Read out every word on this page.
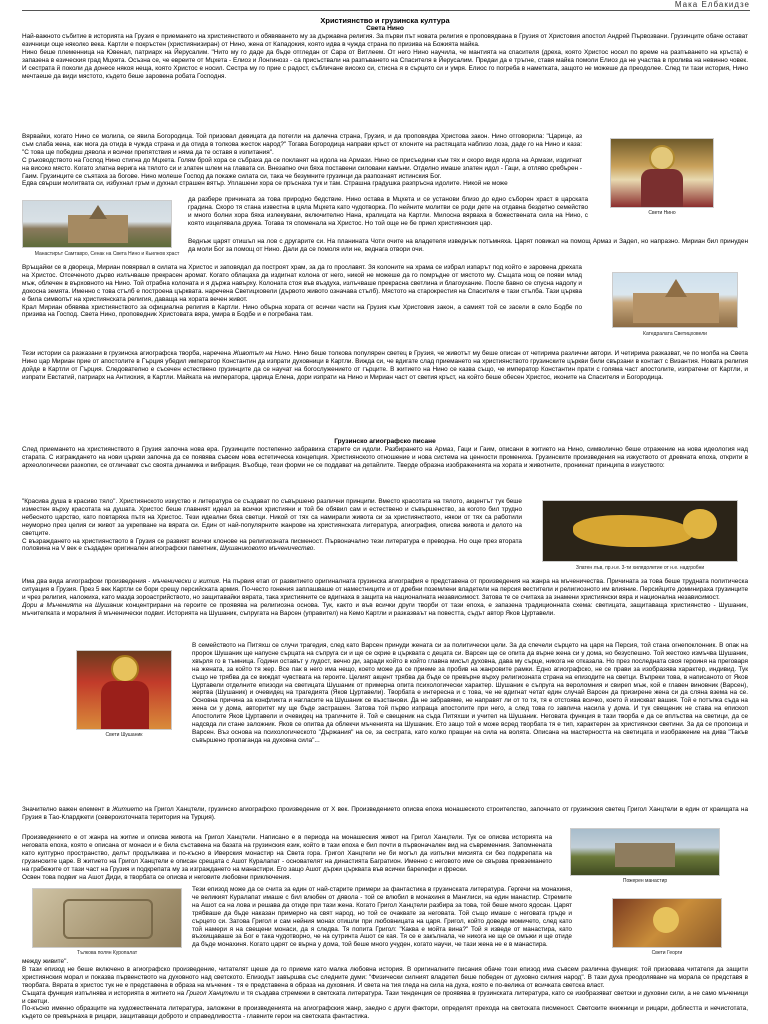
Мака Елбакидзе
Християнство и грузинска култура
Света Нино

Най-важното събитие в историята на Грузия е приемането на християнството и обявяването му за държавна религия. За първи път новата религия е проповядвана в Грузия от Христовия апостол Андрей Първозвани. Грузинците обаче остават езичници още няколко века. Картли е покръстен (християнизиран) от Нино, жена от Кападокия, която идва в чужда страна по призива на Божията майка.

Нино беше племенница на Ювенал, патриарх на Йерусалим. "Нито му го даде да бъде отгледан от Сара от Витлеем. От него Нино научила, че мантията на спасителя (дреха, която Христос носел по време на разпъването на кръста) е запазена в езическия град Мцхета. Осъзна се, че евреите от Мцхета - Елиоз и Лонгинозз - са присъствали на разпъването на Спасителя в Йерусалим. Предаи да е тръгне, ставя майка помоли Елиоз да не участва в пролива на невинно човек. И сестрата й поколи да донесе някоя неща, която Христос е носил. Сестра му го прие с радост, събличане високо си, стисна я в сърцето си и умря. Елиос го погреба в наметката, защото не можеше да преодолее. След ти тази история, Нино мечтаеше да види мястото, където беше заровена робата Господня.

Вярвайки, когато Нино се молила, се явила Богородица. Той призовал девицата да потегли на далечна страна, Грузия, и да проповядва Христова закон. Нино отговорила: "Царице, аз съм слаба жена, как мога да отида в чужда страна и да отида в толкова жесток народ?" Тогава Богородица направи кръст от клоните на растящата наблизо лоза, даде го на Нино и каза: "С това ще победиш дявола и всички препятствия и няма да те оставя в изпитания".

С ръководството на Господ Нино стигна до Мцхета. Голям брой хора се събраха да се покланят на идола на Армази. Нино се присъедини към тях и скоро видя идола на Армази, издигнат на високо място. Когато златна верига на тялото си и златен шлем на главата си. Внезапно очи бяха поставени силовани камъни. Отделно имаше златен идол - Гаци, а отляво сребърен - Гаим. Грузинците се съятаха за богове. Нино молеше Господ да покаже силата си, така че безумните грузинци да разпознаят истинския Бог.

Едва свърши молитвата си, избухнал гръм и духнал страшен вятър. Уплашени хора се пръснаха тук и там. Страшна градушка разпръсна идолите. Никой не може

Свети Нино
Манастирът Самтавро, Сенак на Света Нино и Кьилнов храст

да разбере причината за това природно бедствие. Нино остава в Мцхета и се установи близо до едно съборен храст в царската градина. Скоро тя стана известна в цяла Мцхета като чудотворка. По нейните молитви се роди дете на отдавна бездетно семейство и много болни хора бяха излекувани, включително Нана, кралицата на Картли. Милосна вярваха в божествената сила на Нино, с която изцелявала дружа. Тогава тя споменала на Христос. Но той още не бе приел християнския цар.

Веднъж царят отишъл на лов с другарите си. На планината Чоти очите на владетеля изведнъж потъмняха. Царят повикал на помощ Армаз и Задел, но напразно. Мириан бил принуден да моли Бог за помощ от Нино. Дали да се помоля или не, веднага отвори очи.

Връщайки се в двореца, Мириан повярвал в силата на Христос и заповядал да построят храм, за да го прославят. Зя колоните на храма се избрал изпарът под който е заровена дрехата на Христос. Отсеченото дърво излъчваше прекрасен аромат. Когато облацаха да издигнат колона от него, никой не можеше да го помръдне от мястото му. Същата нощ се появи млад мъж, облечен в върховното на Нино. Той отрабна колоната и я държа навърху. Колоната стоя във въздуха, излъчваше прекрасна светлина и благоухание. После бавно се спусна надолу и докосна земята. Именно с това стълб е построена църквата. наречена Светицховели (дървото живото означава стълб). Мястото на старокрестия на Спасителя е тази стълба. Тази църква е била символът на християнската религия, даваща на хората вечен живот.

Крал Мириан обявява християнството за официална религия в Картли. Нино обърна хората от всички части на Грузия към Христовия закон, а самият той се засели в село Бодбе по призива на Господ. Света Нино, проповедник Христовата вяра, умира в Бодбе и е погребана там.

Катедралата Светицховели

Тези истории са разказани в грузинска агиографска творба, наречена Животът на Нино. Нино беше толкова популярен светец в Грузия, че животът му беше описан от четирима различни автори. И четирима разказват, че по молба на Света Нино цар Мириан прие от апостолите в Гърция убедил император Константин да изпрати духовници в Картли. Вижда си, че вдигате слад приемането на християнството грузинските църкви били свързани в контакт с Византия. Новата религия дойде в Картли от Гърция. Следователно е съсечен естествено грузинците да се научат на богослужението от гърците. В житието на Нино се казва също, че император Константин прати с голяма част апостолите, изпратени от Картли, и изпрати Евстатий, патриарх на Антиохия, в Картли. Майката на императора, царица Елена, дори изпрати на Нино и Мириан част от светия кръст, на който беше обесен Христос, иконите на Спасителя и Богородица.

Грузинско агиографско писане

След приемането на християнството в Грузия започна нова ера. Грузинците постепенно забравиха старите си идоли. Разбирането на Армаз, Гаци и Гаим, описани в житието на Нино, символично беше отражение на нова идеология над старата. С изграждането на нови църкви започна да се появява съвсем нова естетическа концепция. Християнското отношение и нова система на ценности промениха. Грузинските произведения на изкуството от древната епоха, открити в археологически разкопки, се отличават със своята динамика и вибрация. Въобще, тези форми не се поддават на детайлите. Тверде образна изображенията на хората и животните, проникнат принципа в изкуството:

"Красива душа в красиво тяло". Християнското изкуство и литература се създават по съвършено различни принципи. Вместо красотата на тялото, акцентът тук беше изместен върху красотата на душата. Христос беше главният идеал за всички християни и той бе обявил сам и естествено и съвършенство, за когото бил трудно небесното царство, като повтаряха пътя на Христос. Тези идеални бяха светци. Никой от тях са намирали живота си за християнството, някои от тях са работили неуморно през целия си живот за укрепване на вярата си. Един от най-популярните жанрове на християнската литература, агиография, описва живота и делото на светците.

С възраждането на християнството в Грузия се развият всички клонове на религиозната писменост. Първоначално тези литература е преводна. Но още през втората половина на V век е създаден оригинален агиографски паметник, Шушаниковото мъченичество.

Златен лъв, пр.н.е. 3-ти хилядолетие от н.е. надгробни

Има два вида агиографски произведения - мъченически и жития. На първия етап от развитието оригиналната грузинска агиография е представена от произведения на жанра на мъченичества. Причината за това беше трудната политическа ситуация в Грузия. През 5 век Картли се бори срещу персийската армия. По-често гонения заплашваше от наместниците и от дребни поземлени владетели на персия вестители и религиозното им влияние. Персийците доминираха грузинците и чрез религия, наложиха, като мазда зороастрийството, но защитавайки вярата, така християните се вдигнаха в защита на националната независимост. Затова те се считаха за знамени християнски вяра и национална независимост.

Дори в Мъченията на Шушаник концентрирани на героите се проявява на религиозна основа. Тук, както и във всички други творби от тази епоха, е запазена традиционната схема: светицата, защитаваща християнство - Шушаник, мъчителката и моралния й мъченически подвиг. Историята на Шушаник, съпругата на Варсен (управител) на Кемо Картли и разказваът на повестта, съдът автор Яков Цуртавели.

Свети Шушаник

В семейството на Питяхш се случи трагедия, след като Варсен принуди жената си за политически цели. За да спечели сърцето на царя на Персия, той стана огнепоклонник. В опак на пророк Шушаник ще напусне сърцата на съпруга си и ще се скрие в църквата с децата си. Варсен ще се опита да върне жена си у дома, но безуспешно. Той жестоко измъчва Шушаник, хвърля го в тъмница. Години оставът у лудост, вечно ди, заради който в който главна мисъл духовна, дава му сърце, никога не отказала. Но през последната своя героиня на преговаря на жената, за който тя жер. Все пак в него има нещо, което може да се приеме за пробив на жанровите рамки. Едно агиографско, не се прави за изобразява характер, индивид. Тук също не трябва да се виждат чувствата на героите. Целият акцент трябва да бъде се превърне върху религиозната страна на епизодите на светци. Въпреки това, в написаното от Яков Цуртавели отделните епизоди на светицата Шушаник от примерна опита психологически характер. Шушаник е съпруга на вероломния и свиреп мъж, кой е главен виновник (Варсен), жертва (Шушаник) и очевидец на трагедията (Яков Цуртавели). Творбата е интересна и с това, че не вдигнат четат един случай Варсен да призирене жена си да сляна взема на се. Основна причина за конфликта и нагласите на Шушаник се възстанови. Да не забравяме, не направят ли от то тя, тя е отстоява всичко, което й изискват вашия. Той е потъпка съда на жена си у дома, авторитет му ще бъде застрашен. Затова той първо изпраща апостолите при него, а след това го завлича насила у дома. И тук свещеник не става на епископ Апостолите Яков Цуртавели и очевидец на трагичните й. Той е свещеник на съда Питяхши и учител на Шушаник. Неговата функция в тази творба е да се вплъства на светици, да се надсвда ли стане заложник. Яков се опитва да облекчи мъченията на Шушаник. Ето защо той е може всред творбата тя е тип, характерен за християнски светини. За да се пропоица и Варсен. Въз основа на психологическото "Държания" на се, за сестрата, като колко пращни на сила на волята. Описана на мастерността на светицата и изображение на дива "Такъв съвършено пропаганда на духовна сила"...

Значително важен елемент в Житието на Григол Ханцтели, грузинско агиографско произведение от Х век. Произведението описва епоха монашеското строителство, започнато от грузинския светец Григол Ханцтели в един от краищата на Грузия в Тао-Кларджети (североизточната територия на Турция).

Произведението е от жанра на житие и описва живота на Григол Ханцтели. Написано е в периода на монашеския живот на Григол Ханцтели. Тук се описва историята на неговата епоха, която е описана от монаси и е била съставена на базата на грузинския език, който в тази епоха е бил почти в първоначален вид на съвременния. Запомнената като културно пространство, делът продължава и по-късно в Иверския монастир на Света гора. Григол Ханцтели не би могъл да изпълни мисията си без подкрепата на грузинските царе. В житието на Григол Ханцтели е описан срещата с Ашот Куралапат - основателят на династията Багратион. Именно с неговото име се свързва превземането на грабежите от тази част на Грузия и подкрепата му за изграждането на манастири. Его защо Ашот държи църквата във всички барелефи и фрески.

Освен това подвиг на Ашот Диди, в творбата се описва и неговите любовни приключения.

Пожерен манастир
Тълкова полян Куропалат

Тези епизод може да се счита за един от най-старите примери за фантастика в грузинската литература. Гергечи на монахиня, че великият Куралапат имаше с бил влюбен от дявола - той се влюбил в монахиня в Манглиси, на един манастир. Стремите на Ашот са на лова и решава да отиде при тази жена. Когато Григол Ханцтели разбира за това, той беше много ядосан. Царят трябваше да бъде наказан примерно на свят народ, но той се очаквате за неговата. Той също имаше с неговата гръде и сърцето си. Затова Григол и сам нейния монах отишли при любовницата на царя. Григол, който доведе момичето, след като той намери я на свещени монаси, да я следва. Тя попита Григол: "Каква е мойта вина?" Той я изведе от манастира, като възхищаваше за Бог е така чудотворно, че на сутринта Ашот се кая. Тя се е закълнала, че никога не ще се омъжи и ще отиде да бъде монахиня. Когато царят се върна у дома, той беше много учуден, когато научи, че тази жена не е в манастира.

Свети Георги

между живите".

В тази епизод не беше включено в агиографско произведение, читателят щеше да го приеме като малка любовна история. В оригиналните писания обаче този епизод има съвсем различна функция: той призовава читателя да защити християнския морал и показва първенството на духовното над светското. Епизодът завършва със следните думи: "Физически силният владетел беше победен от духовно силния народ". В тази духа преодоляване на морала се представя в творбата. Вярата в христос тук не е представена в образа на мъченик - тя е представена в образа на духовния. И света на тия гледа на сила на духа, която е по-велика от всичката светска власт.

Същата функция изпълнява и историята в житието на Григол Ханцтели и тя създава стремежи в светската литература. Тази тенденция се проявява в грузинската литература, като се изобразяват светски и духовни сили, а не само мъченици и светци.

По-късно именно образците на художествената литература, заложени в произведенията на агиографския жанр, заедно с други фактори, определят прехода на светската писменост. Светските книжници и рицари, доблестта и нечистотата, където се превърнаха в рицари, защитаващи доброто и справедливостта - главните герои на светската фантастика.
